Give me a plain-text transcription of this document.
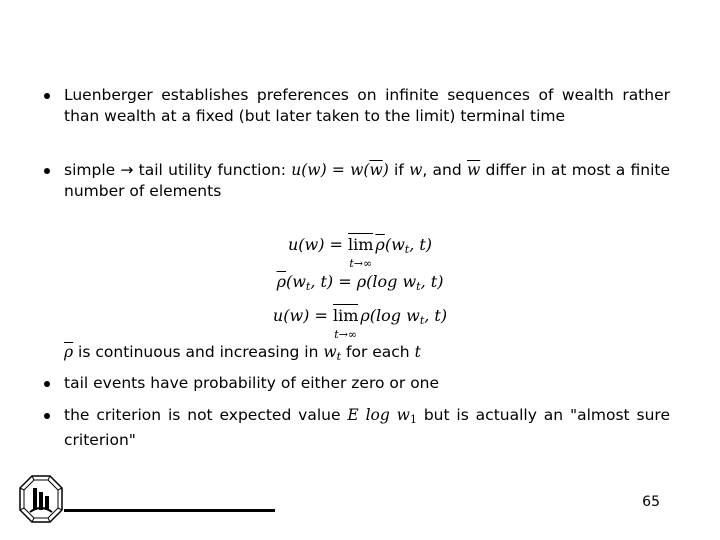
Luenberger establishes preferences on infinite sequences of wealth rather than wealth at a fixed (but later taken to the limit) terminal time
simple → tail utility function: $u(w) = w(\overline{w})$ if w, and $\overline{w}$ differ in at most a finite number of elements
u(w) = lim
t→∞
$\overline{\rho}(w_t$, t)
$\overline{\rho}(w_t$, t) = ρ(log $w_t$, t)
u(w) = lim
t→∞
ρ(log $w_t$, t)
$\overline{\rho}$ is continuous and increasing in $w_t$ for each t
tail events have probability of either zero or one
the criterion is not expected value E $\log w_1$ but is actually an "almost sure criterion"
65
